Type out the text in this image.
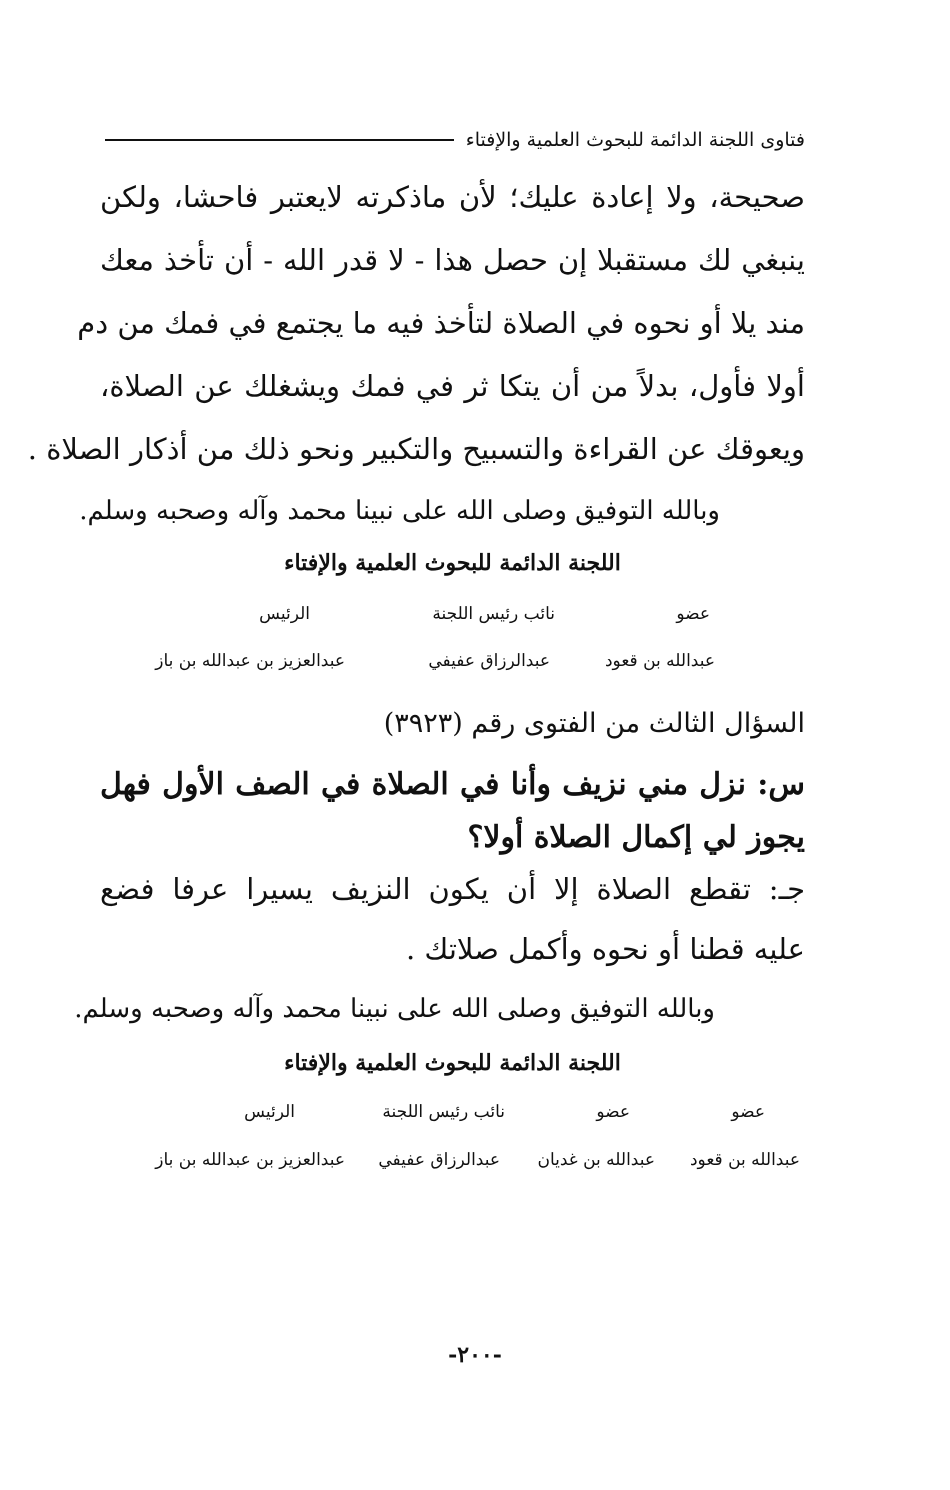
فتاوى اللجنة الدائمة للبحوث العلمية والإفتاء
صحيحة، ولا إعادة عليك؛ لأن ماذكرته لايعتبر فاحشا، ولكن
ينبغي لك مستقبلا إن حصل هذا - لا قدر الله - أن تأخذ معك
مند يلا أو نحوه في الصلاة لتأخذ فيه ما يجتمع في فمك من دم
أولا فأول، بدلاً من أن يتكا ثر في فمك ويشغلك عن الصلاة،
ويعوقك عن القراءة والتسبيح والتكبير ونحو ذلك من أذكار الصلاة .
وبالله التوفيق وصلى الله على نبينا محمد وآله وصحبه وسلم.
اللجنة الدائمة للبحوث العلمية والإفتاء
عضو
نائب رئيس اللجنة
الرئيس
عبدالله بن قعود
عبدالرزاق عفيفي
عبدالعزيز بن عبدالله بن باز
السؤال الثالث من الفتوى رقم (٣٩٢٣)
س: نزل مني نزيف وأنا في الصلاة في الصف الأول فهل
يجوز لي إكمال الصلاة أولا؟
جـ: تقطع الصلاة إلا أن يكون النزيف يسيرا عرفا فضع
عليه قطنا أو نحوه وأكمل صلاتك .
وبالله التوفيق وصلى الله على نبينا محمد وآله وصحبه وسلم.
اللجنة الدائمة للبحوث العلمية والإفتاء
عضو
عضو
نائب رئيس اللجنة
الرئيس
عبدالله بن قعود
عبدالله بن غديان
عبدالرزاق عفيفي
عبدالعزيز بن عبدالله بن باز
-٢٠٠-
